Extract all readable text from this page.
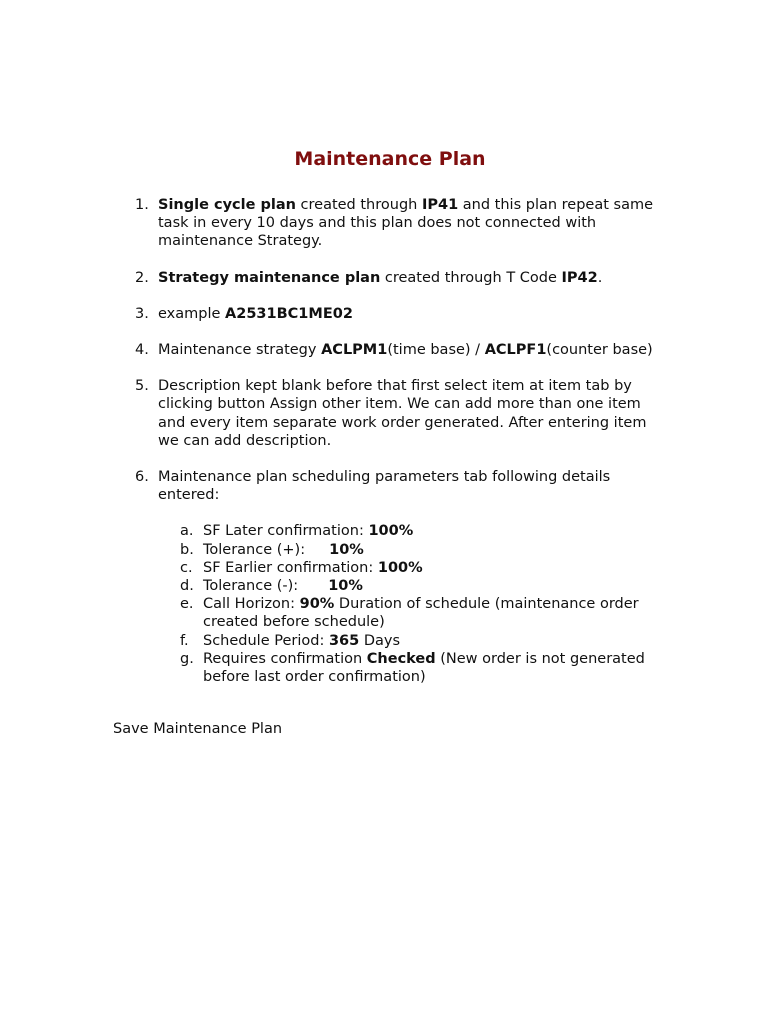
Maintenance Plan
1. Single cycle plan created through IP41 and this plan repeat same task in every 10 days and this plan does not connected with maintenance Strategy.
2. Strategy maintenance plan created through T Code IP42.
3. example A2531BC1ME02
4. Maintenance strategy ACLPM1(time base) / ACLPF1(counter base)
5. Description kept blank before that first select item at item tab by clicking button Assign other item. We can add more than one item and every item separate work order generated. After entering item we can add description.
6. Maintenance plan scheduling parameters tab following details entered:
a. SF Later confirmation: 100%
b. Tolerance (+): 10%
c. SF Earlier confirmation: 100%
d. Tolerance (-): 10%
e. Call Horizon: 90% Duration of schedule (maintenance order created before schedule)
f. Schedule Period: 365 Days
g. Requires confirmation Checked (New order is not generated before last order confirmation)
Save Maintenance Plan
